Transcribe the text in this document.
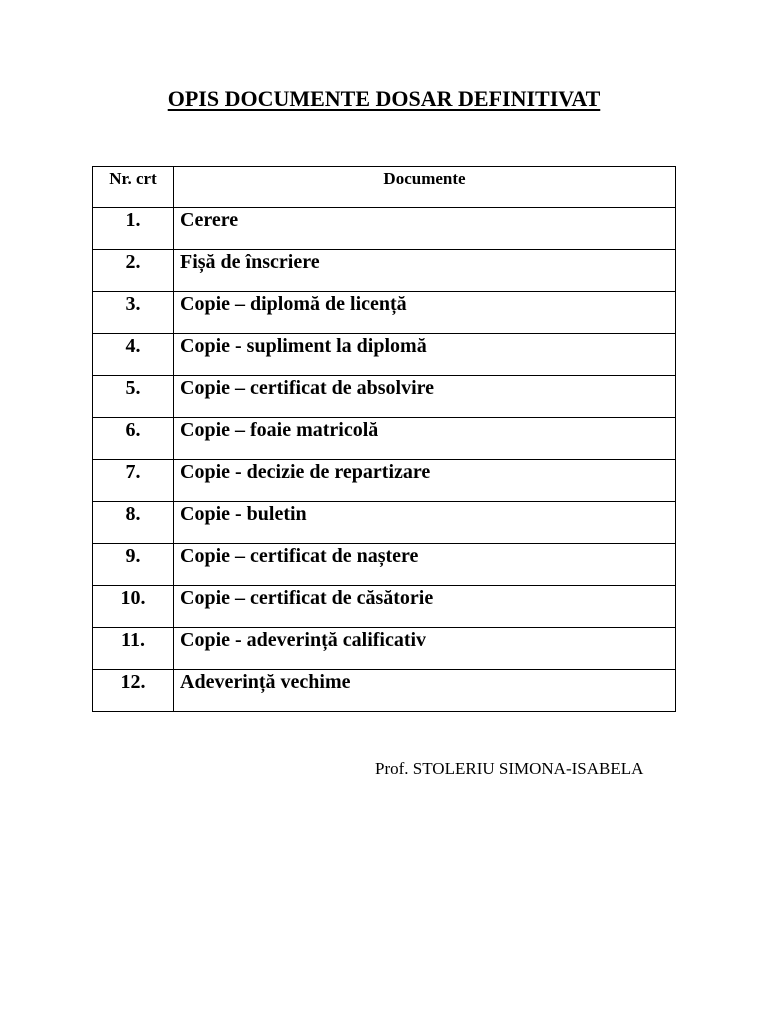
OPIS DOCUMENTE DOSAR DEFINITIVAT
Nr. crt	Documente
1.	Cerere
2.	Fișă de înscriere
3.	Copie – diplomă de licență
4.	Copie - supliment la diplomă
5.	Copie – certificat de absolvire
6.	Copie – foaie matricolă
7.	Copie - decizie de repartizare
8.	Copie - buletin
9.	Copie – certificat de naștere
10.	Copie – certificat de căsătorie
11.	Copie - adeverință calificativ
12.	Adeverință vechime
Prof. STOLERIU SIMONA-ISABELA
